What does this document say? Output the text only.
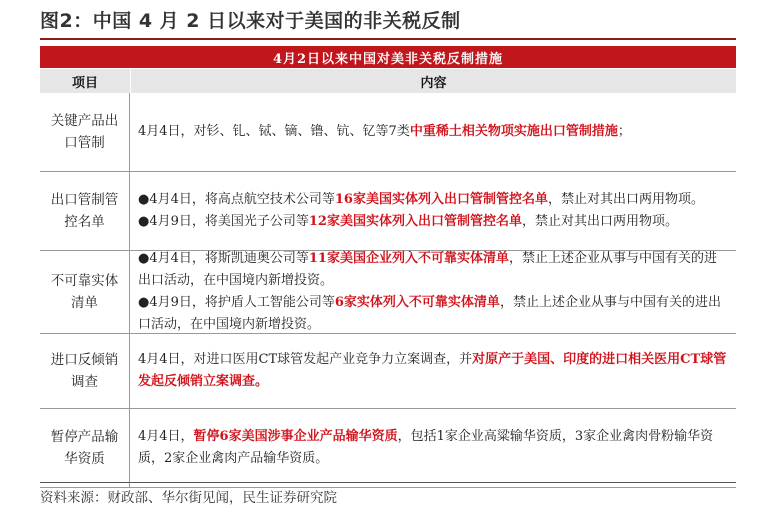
图2：中国 4 月 2 日以来对于美国的非关税反制
4月2日以来中国对美非关税反制措施
项目	内容
关键产品出
口管制
4月4日，对钐、钆、铽、镝、镥、钪、钇等7类中重稀土相关物项实施出口管制措施；
出口管制管
控名单
●4月4日，将高点航空技术公司等16家美国实体列入出口管制管控名单，禁止对其出口两用物项。
●4月9日，将美国光子公司等12家美国实体列入出口管制管控名单，禁止对其出口两用物项。
不可靠实体
清单
●4月4日，将斯凯迪奥公司等11家美国企业列入不可靠实体清单，禁止上述企业从事与中国有关的进出口活动，在中国境内新增投资。
●4月9日，将护盾人工智能公司等6家实体列入不可靠实体清单，禁止上述企业从事与中国有关的进出口活动，在中国境内新增投资。
进口反倾销
调查
4月4日，对进口医用CT球管发起产业竞争力立案调查，并对原产于美国、印度的进口相关医用CT球管发起反倾销立案调查。
暂停产品输
华资质
4月4日，暂停6家美国涉事企业产品输华资质，包括1家企业高粱输华资质，3家企业禽肉骨粉输华资质，2家企业禽肉产品输华资质。
资料来源：财政部、华尔街见闻，民生证券研究院
